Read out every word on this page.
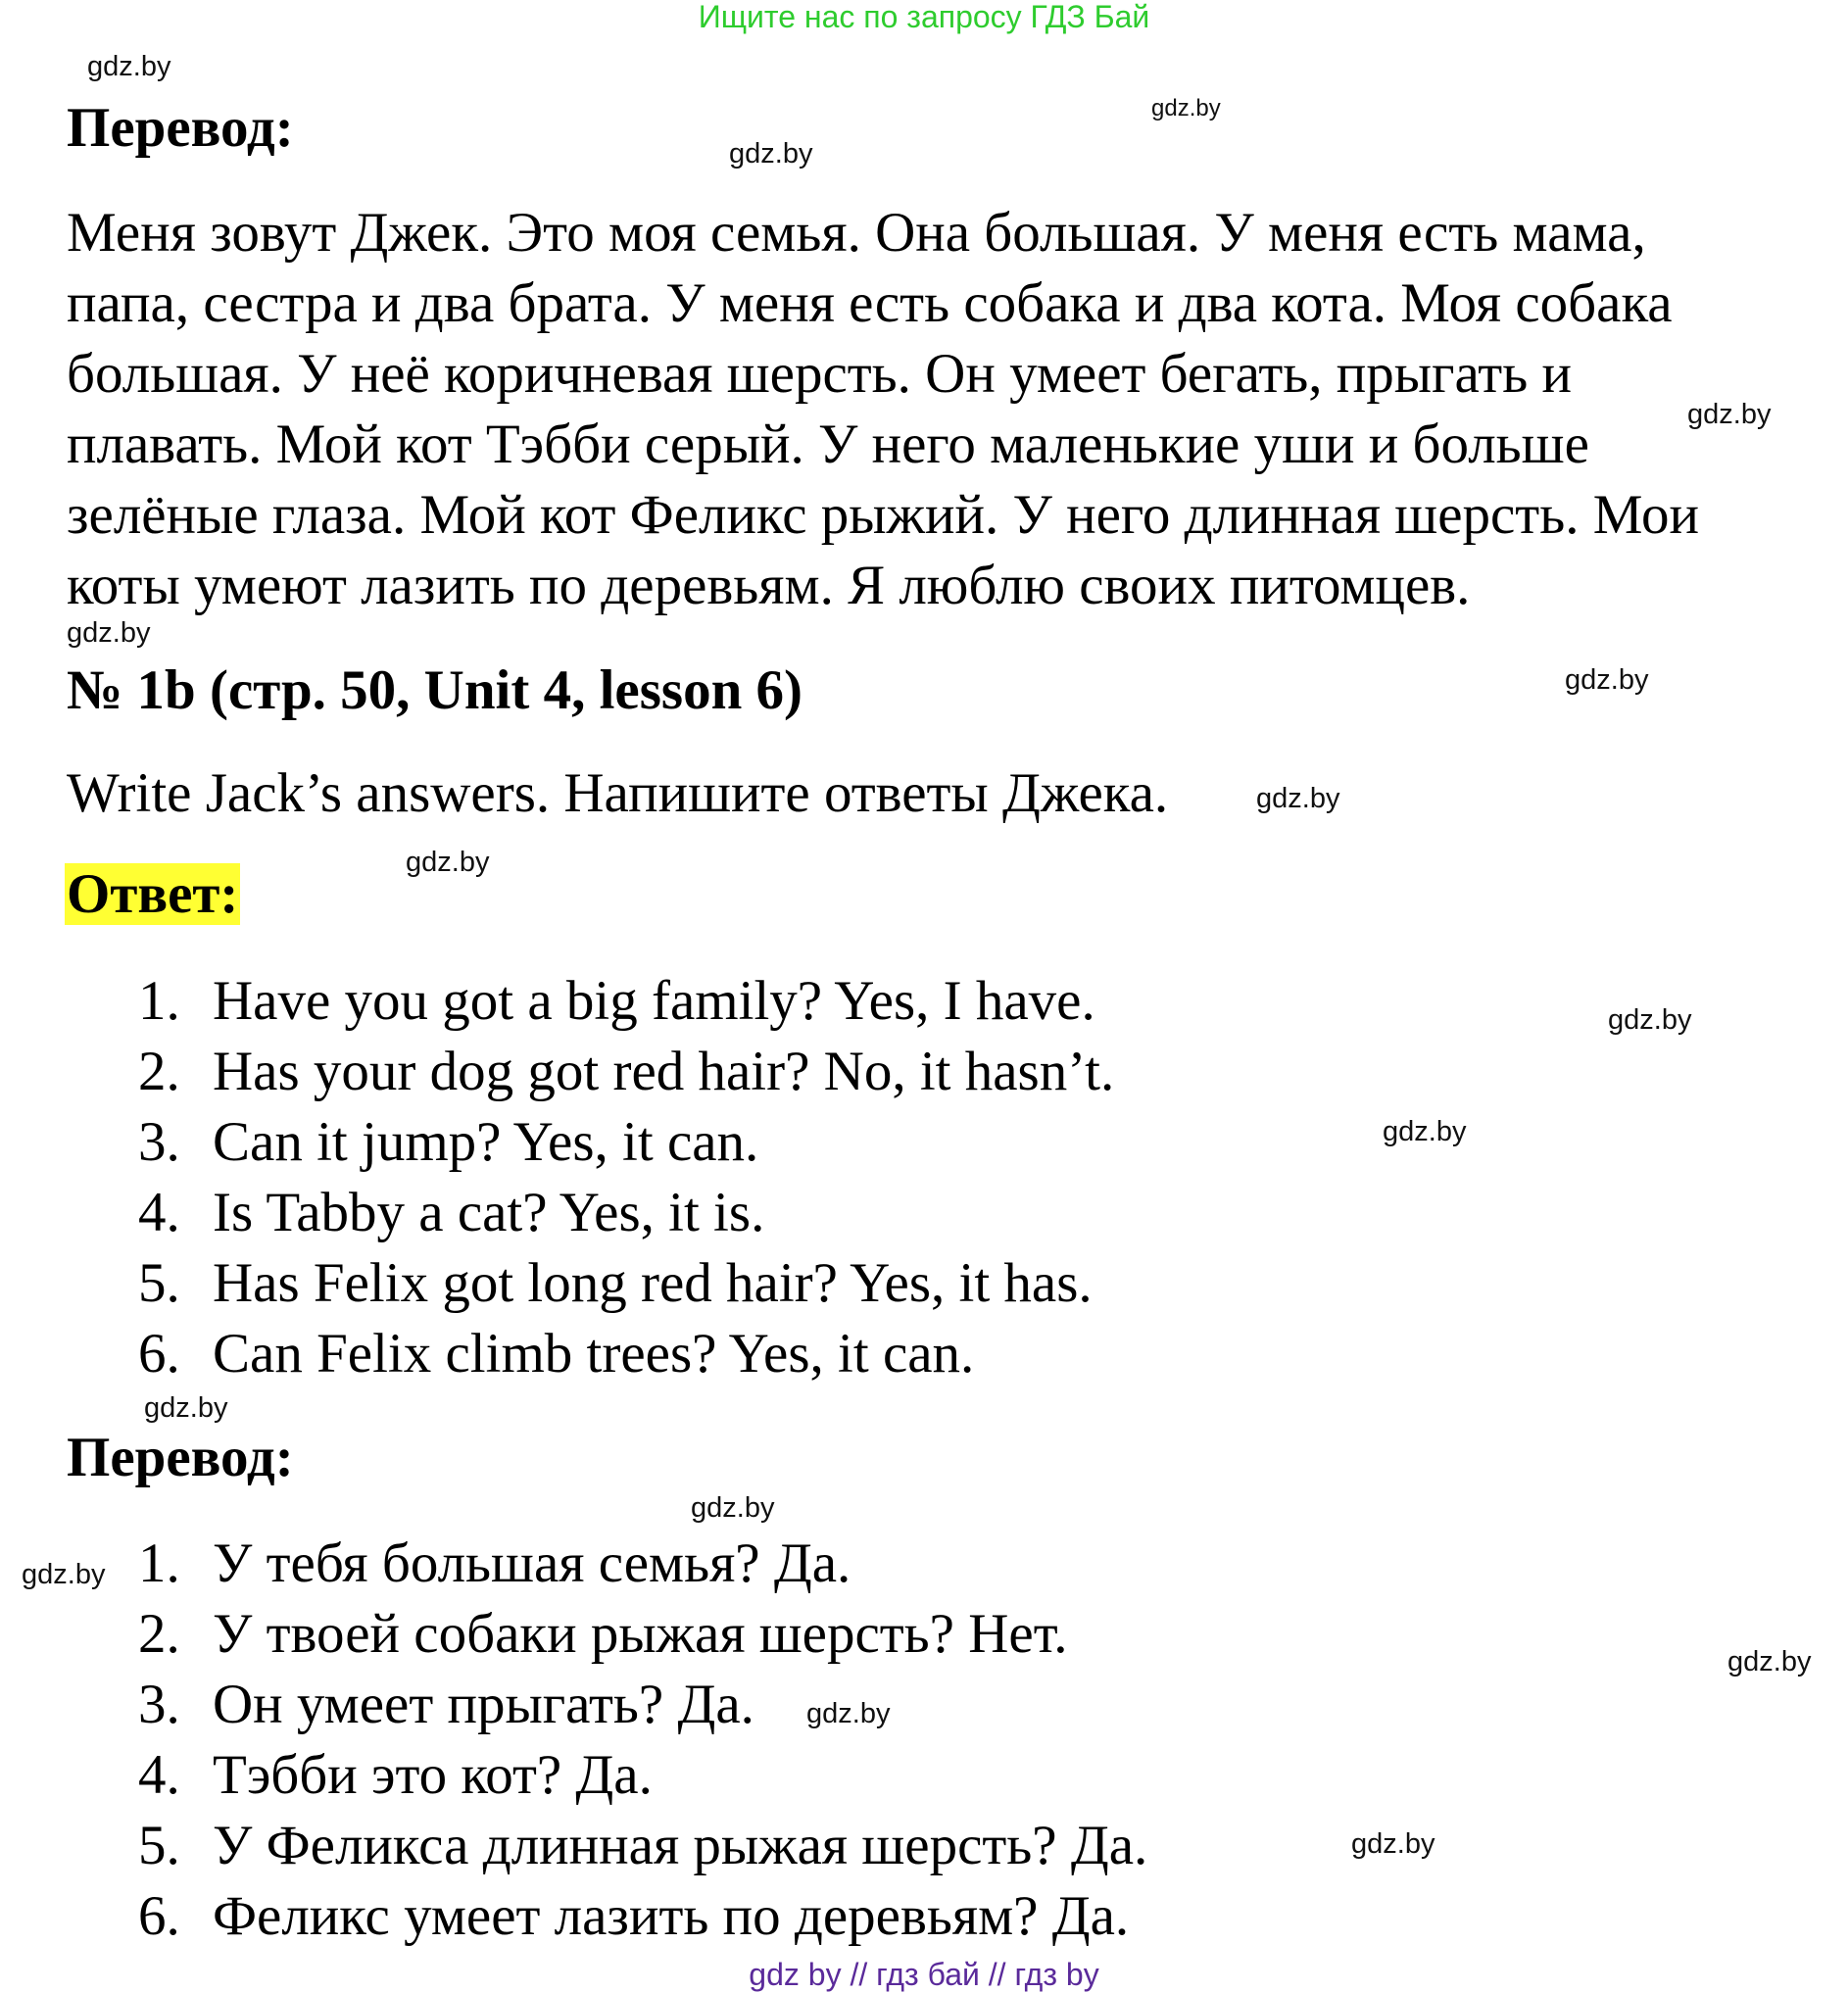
Ищите нас по запросу ГДЗ Бай
gdz.by
gdz.by
gdz.by
gdz.by
gdz.by
gdz.by
gdz.by
gdz.by
gdz.by
gdz.by
gdz.by
gdz.by
gdz.by
gdz.by
gdz.by
gdz.by
Перевод:
Меня зовут Джек. Это моя семья. Она большая. У меня есть мама,
папа, сестра и два брата. У меня есть собака и два кота. Моя собака
большая. У неё коричневая шерсть. Он умеет бегать, прыгать и
плавать. Мой кот Тэбби серый. У него маленькие уши и больше
зелёные глаза. Мой кот Феликс рыжий. У него длинная шерсть. Мои
коты умеют лазить по деревьям. Я люблю своих питомцев.
№ 1b (стр. 50, Unit 4, lesson 6)
Write Jack’s answers. Напишите ответы Джека.
Ответ:
1. Have you got a big family? Yes, I have.
2. Has your dog got red hair? No, it hasn’t.
3. Can it jump? Yes, it can.
4. Is Tabby a cat? Yes, it is.
5. Has Felix got long red hair? Yes, it has.
6. Can Felix climb trees? Yes, it can.
Перевод:
1. У тебя большая семья? Да.
2. У твоей собаки рыжая шерсть? Нет.
3. Он умеет прыгать? Да.
4. Тэбби это кот? Да.
5. У Феликса длинная рыжая шерсть? Да.
6. Феликс умеет лазить по деревьям? Да.
gdz by // гдз бай // гдз by
